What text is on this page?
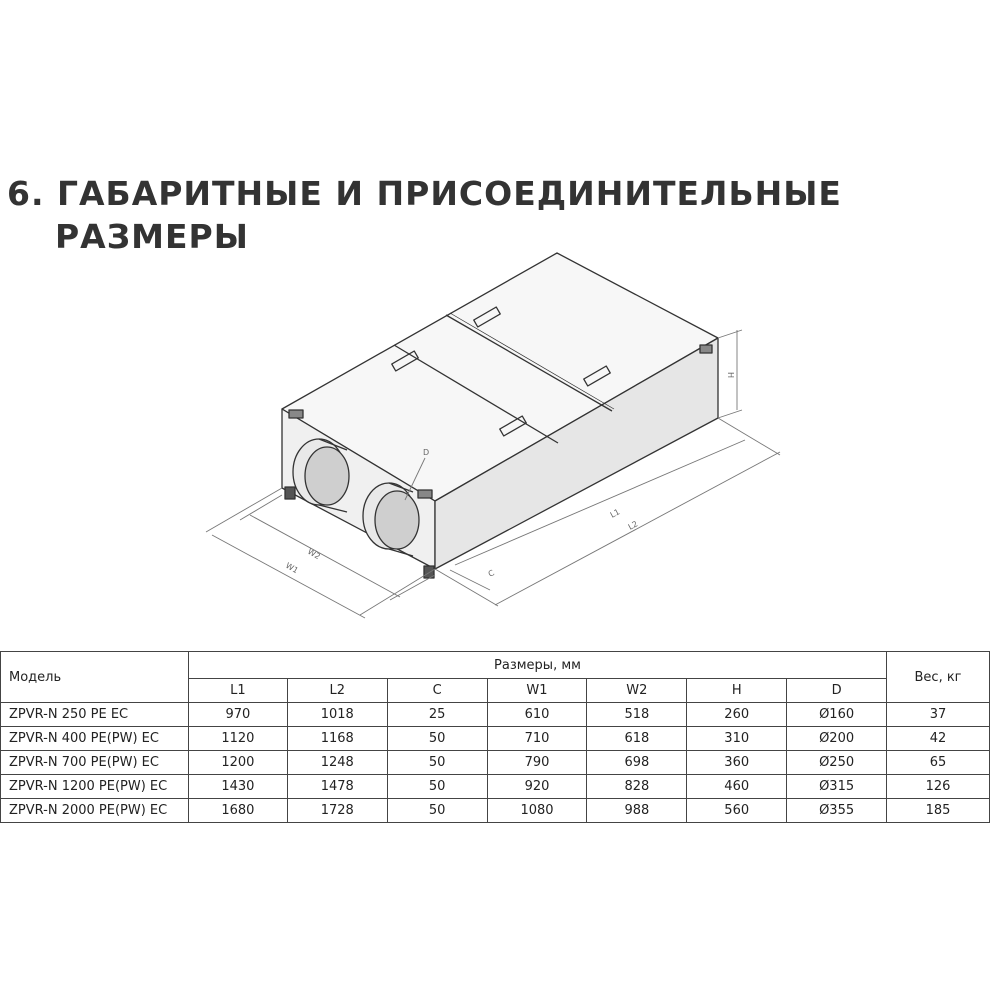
6. ГАБАРИТНЫЕ И ПРИСОЕДИНИТЕЛЬНЫЕ
РАЗМЕРЫ
H
D
L1
L2
W2
W1	C
Модель	Размеры, мм							Вес, кг
	L1	L2	C	W1	W2	H	D	
ZPVR-N 250 PE EC	970	1018	25	610	518	260	Ø160	37
ZPVR-N 400 PE(PW) EC	1120	1168	50	710	618	310	Ø200	42
ZPVR-N 700 PE(PW) EC	1200	1248	50	790	698	360	Ø250	65
ZPVR-N 1200 PE(PW) EC	1430	1478	50	920	828	460	Ø315	126
ZPVR-N 2000 PE(PW) EC	1680	1728	50	1080	988	560	Ø355	185
